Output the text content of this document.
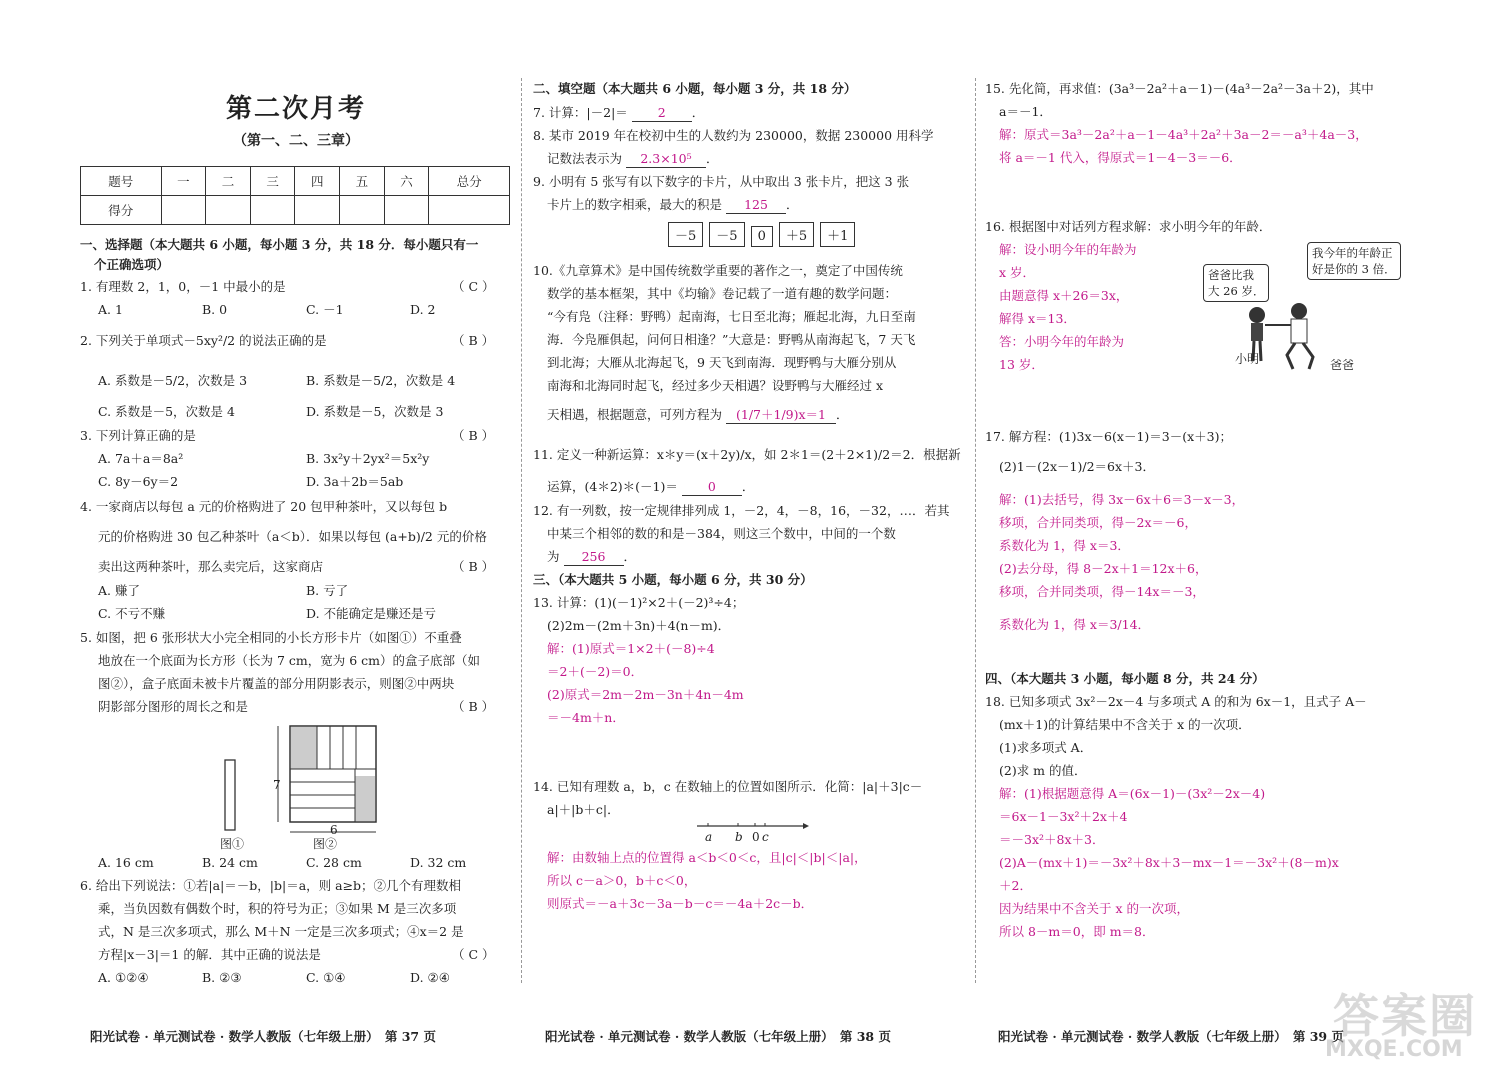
第二次月考
（第一、二、三章）
题号	一	二	三	四	五	六	总分
得分							
一、选择题（本大题共 6 小题，每小题 3 分，共 18 分．每小题只有一
个正确选项）
1. 有理数 2，1，0，－1 中最小的是	（ C ）
A. 1	B. 0	C. －1	D. 2
2. 下列关于单项式－5xy²/2 的说法正确的是	（ B ）
A. 系数是－5/2，次数是 3	B. 系数是－5/2，次数是 4
C. 系数是－5，次数是 4	D. 系数是－5，次数是 3
3. 下列计算正确的是	（ B ）
A. 7a＋a＝8a²	B. 3x²y＋2yx²＝5x²y
C. 8y－6y＝2	D. 3a＋2b＝5ab
4. 一家商店以每包 a 元的价格购进了 20 包甲种茶叶，又以每包 b
元的价格购进 30 包乙种茶叶（a＜b）．如果以每包 (a+b)/2 元的价格
卖出这两种茶叶，那么卖完后，这家商店	（ B ）
A. 赚了	B. 亏了
C. 不亏不赚	D. 不能确定是赚还是亏
5. 如图，把 6 张形状大小完全相同的小长方形卡片（如图①）不重叠
地放在一个底面为长方形（长为 7 cm，宽为 6 cm）的盒子底部（如
图②），盒子底面未被卡片覆盖的部分用阴影表示，则图②中两块
阴影部分图形的周长之和是	（ B ）
7
6
图①	图②
A. 16 cm	B. 24 cm	C. 28 cm	D. 32 cm
6. 给出下列说法：①若|a|＝－b，|b|＝a，则 a≥b；②几个有理数相
乘，当负因数有偶数个时，积的符号为正；③如果 M 是三次多项
式，N 是三次多项式，那么 M＋N 一定是三次多项式；④x＝2 是
方程|x－3|＝1 的解．其中正确的说法是	（ C ）
A. ①②④	B. ②③	C. ①④	D. ②④
阳光试卷 · 单元测试卷 · 数学人教版（七年级上册）　第 37 页
二、填空题（本大题共 6 小题，每小题 3 分，共 18 分）
7. 计算：|－2|＝ 2 ．
8. 某市 2019 年在校初中生的人数约为 230000，数据 230000 用科学
记数法表示为 2.3×10⁵ ．
9. 小明有 5 张写有以下数字的卡片，从中取出 3 张卡片，把这 3 张
卡片上的数字相乘，最大的积是 125 ．
－5 －5 0 ＋5 ＋1
10.《九章算术》是中国传统数学重要的著作之一，奠定了中国传统
数学的基本框架，其中《均输》卷记载了一道有趣的数学问题：
“今有凫（注释：野鸭）起南海，七日至北海；雁起北海，九日至南
海．今凫雁俱起，问何日相逢？”大意是：野鸭从南海起飞，7 天飞
到北海；大雁从北海起飞，9 天飞到南海．现野鸭与大雁分别从
南海和北海同时起飞，经过多少天相遇？设野鸭与大雁经过 x
天相遇，根据题意，可列方程为 (1/7＋1/9)x＝1 ．
11. 定义一种新运算：x＊y＝(x＋2y)/x，如 2＊1＝(2＋2×1)/2＝2．根据新
运算，(4＊2)＊(－1)＝ 0 ．
12. 有一列数，按一定规律排列成 1，－2，4，－8，16，－32，…．若其
中某三个相邻的数的和是－384，则这三个数中，中间的一个数
为 256 ．
三、（本大题共 5 小题，每小题 6 分，共 30 分）
13. 计算：(1)(－1)²×2＋(－2)³÷4；
(2)2m－(2m＋3n)＋4(n－m)．
解：(1)原式＝1×2＋(－8)÷4
＝2＋(－2)＝0．
(2)原式＝2m－2m－3n＋4n－4m
＝－4m＋n．
14. 已知有理数 a，b，c 在数轴上的位置如图所示．化简：|a|＋3|c－
a|＋|b＋c|．
a b 0 c
解：由数轴上点的位置得 a＜b＜0＜c，且|c|＜|b|＜|a|，
所以 c－a＞0，b＋c＜0，
则原式＝－a＋3c－3a－b－c＝－4a＋2c－b．
阳光试卷 · 单元测试卷 · 数学人教版（七年级上册）　第 38 页
15. 先化简，再求值：(3a³－2a²＋a－1)－(4a³－2a²－3a＋2)，其中
a＝－1．
解：原式＝3a³－2a²＋a－1－4a³＋2a²＋3a－2＝－a³＋4a－3，
将 a＝－1 代入，得原式＝1－4－3＝－6．
16. 根据图中对话列方程求解：求小明今年的年龄．
解：设小明今年的年龄为
x 岁．
由题意得 x＋26＝3x，
解得 x＝13．
答：小明今年的年龄为
13 岁．
我今年的年龄正
好是你的 3 倍．
爸爸比我
大 26 岁．
小明	爸爸
17. 解方程：(1)3x－6(x－1)＝3－(x＋3)；
(2)1－(2x－1)/2＝6x＋3．
解：(1)去括号，得 3x－6x＋6＝3－x－3，
移项，合并同类项，得－2x＝－6，
系数化为 1，得 x＝3．
(2)去分母，得 8－2x＋1＝12x＋6，
移项，合并同类项，得－14x＝－3，
系数化为 1，得 x＝3/14．
四、（本大题共 3 小题，每小题 8 分，共 24 分）
18. 已知多项式 3x²－2x－4 与多项式 A 的和为 6x－1，且式子 A－
(mx＋1)的计算结果中不含关于 x 的一次项．
(1)求多项式 A．
(2)求 m 的值．
解：(1)根据题意得 A＝(6x－1)－(3x²－2x－4)
＝6x－1－3x²＋2x＋4
＝－3x²＋8x＋3．
(2)A－(mx＋1)＝－3x²＋8x＋3－mx－1＝－3x²＋(8－m)x
＋2．
因为结果中不含关于 x 的一次项，
所以 8－m＝0，即 m＝8．
阳光试卷 · 单元测试卷 · 数学人教版（七年级上册）　第 39 页
答案圈
MXQE.COM
